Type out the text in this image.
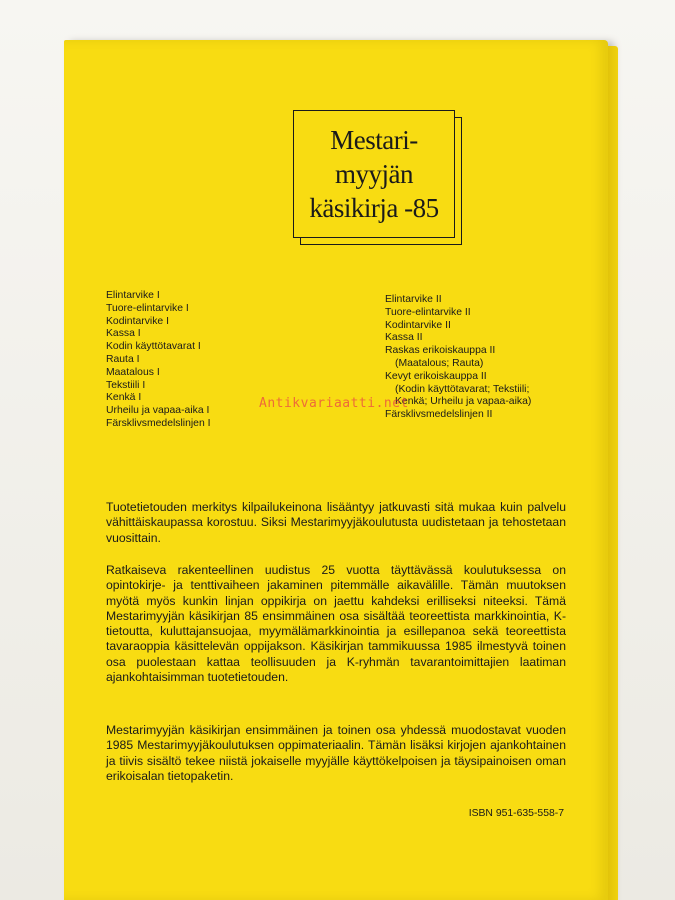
Mestari-
myyjän
käsikirja -85
Elintarvike I
Tuore-elintarvike I
Kodintarvike I
Kassa I
Kodin käyttötavarat I
Rauta I
Maatalous I
Tekstiili I
Kenkä I
Urheilu ja vapaa-aika I
Färsklivsmedelslinjen I
Elintarvike II
Tuore-elintarvike II
Kodintarvike II
Kassa II
Raskas erikoiskauppa II
(Maatalous; Rauta)
Kevyt erikoiskauppa II
(Kodin käyttötavarat; Tekstiili;
Kenkä; Urheilu ja vapaa-aika)
Färsklivsmedelslinjen II
Tuotetietouden merkitys kilpailukeinona lisääntyy jatkuvasti sitä mukaa kuin palvelu vähittäiskaupassa korostuu. Siksi Mestarimyyjäkoulutusta uudistetaan ja tehostetaan vuosittain.
Ratkaiseva rakenteellinen uudistus 25 vuotta täyttävässä koulutuksessa on opintokirje- ja tenttivaiheen jakaminen pitemmälle aikavälille. Tämän muutoksen myötä myös kunkin linjan oppikirja on jaettu kahdeksi erilliseksi niteeksi. Tämä Mestarimyyjän käsikirjan 85 ensimmäinen osa sisältää teoreettista markkinointia, K-tietoutta, kuluttajansuojaa, myymälämarkkinointia ja esillepanoa sekä teoreettista tavaraoppia käsittelevän oppijakson. Käsikirjan tammikuussa 1985 ilmestyvä toinen osa puolestaan kattaa teollisuuden ja K-ryhmän tavarantoimittajien laatiman ajankohtaisimman tuotetietouden.
Mestarimyyjän käsikirjan ensimmäinen ja toinen osa yhdessä muodostavat vuoden 1985 Mestarimyyjäkoulutuksen oppimateriaalin. Tämän lisäksi kirjojen ajankohtainen ja tiivis sisältö tekee niistä jokaiselle myyjälle käyttökelpoisen ja täysipainoisen oman erikoisalan tietopaketin.
ISBN 951-635-558-7
Antikvariaatti.net
